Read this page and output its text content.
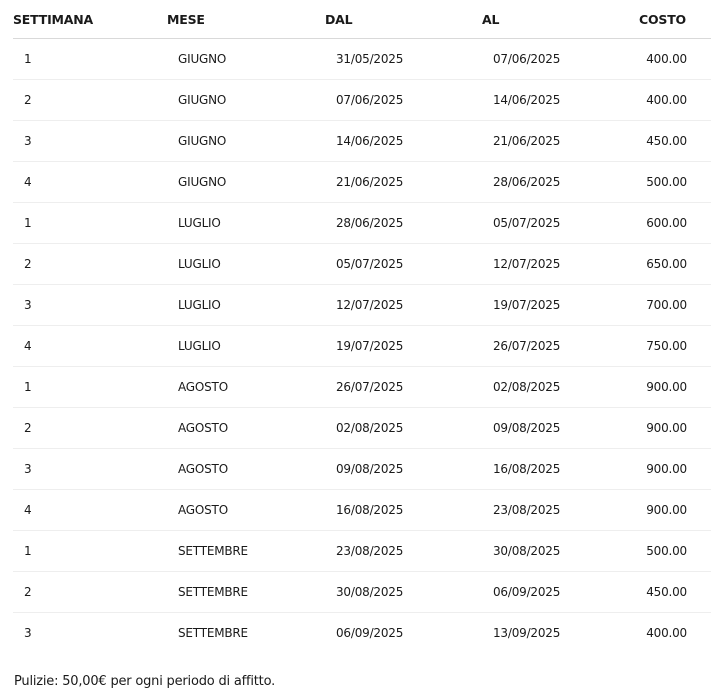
SETTIMANA	MESE	DAL	AL	COSTO
1	GIUGNO	31/05/2025	07/06/2025	400.00
2	GIUGNO	07/06/2025	14/06/2025	400.00
3	GIUGNO	14/06/2025	21/06/2025	450.00
4	GIUGNO	21/06/2025	28/06/2025	500.00
1	LUGLIO	28/06/2025	05/07/2025	600.00
2	LUGLIO	05/07/2025	12/07/2025	650.00
3	LUGLIO	12/07/2025	19/07/2025	700.00
4	LUGLIO	19/07/2025	26/07/2025	750.00
1	AGOSTO	26/07/2025	02/08/2025	900.00
2	AGOSTO	02/08/2025	09/08/2025	900.00
3	AGOSTO	09/08/2025	16/08/2025	900.00
4	AGOSTO	16/08/2025	23/08/2025	900.00
1	SETTEMBRE	23/08/2025	30/08/2025	500.00
2	SETTEMBRE	30/08/2025	06/09/2025	450.00
3	SETTEMBRE	06/09/2025	13/09/2025	400.00
Pulizie: 50,00€ per ogni periodo di affitto.
